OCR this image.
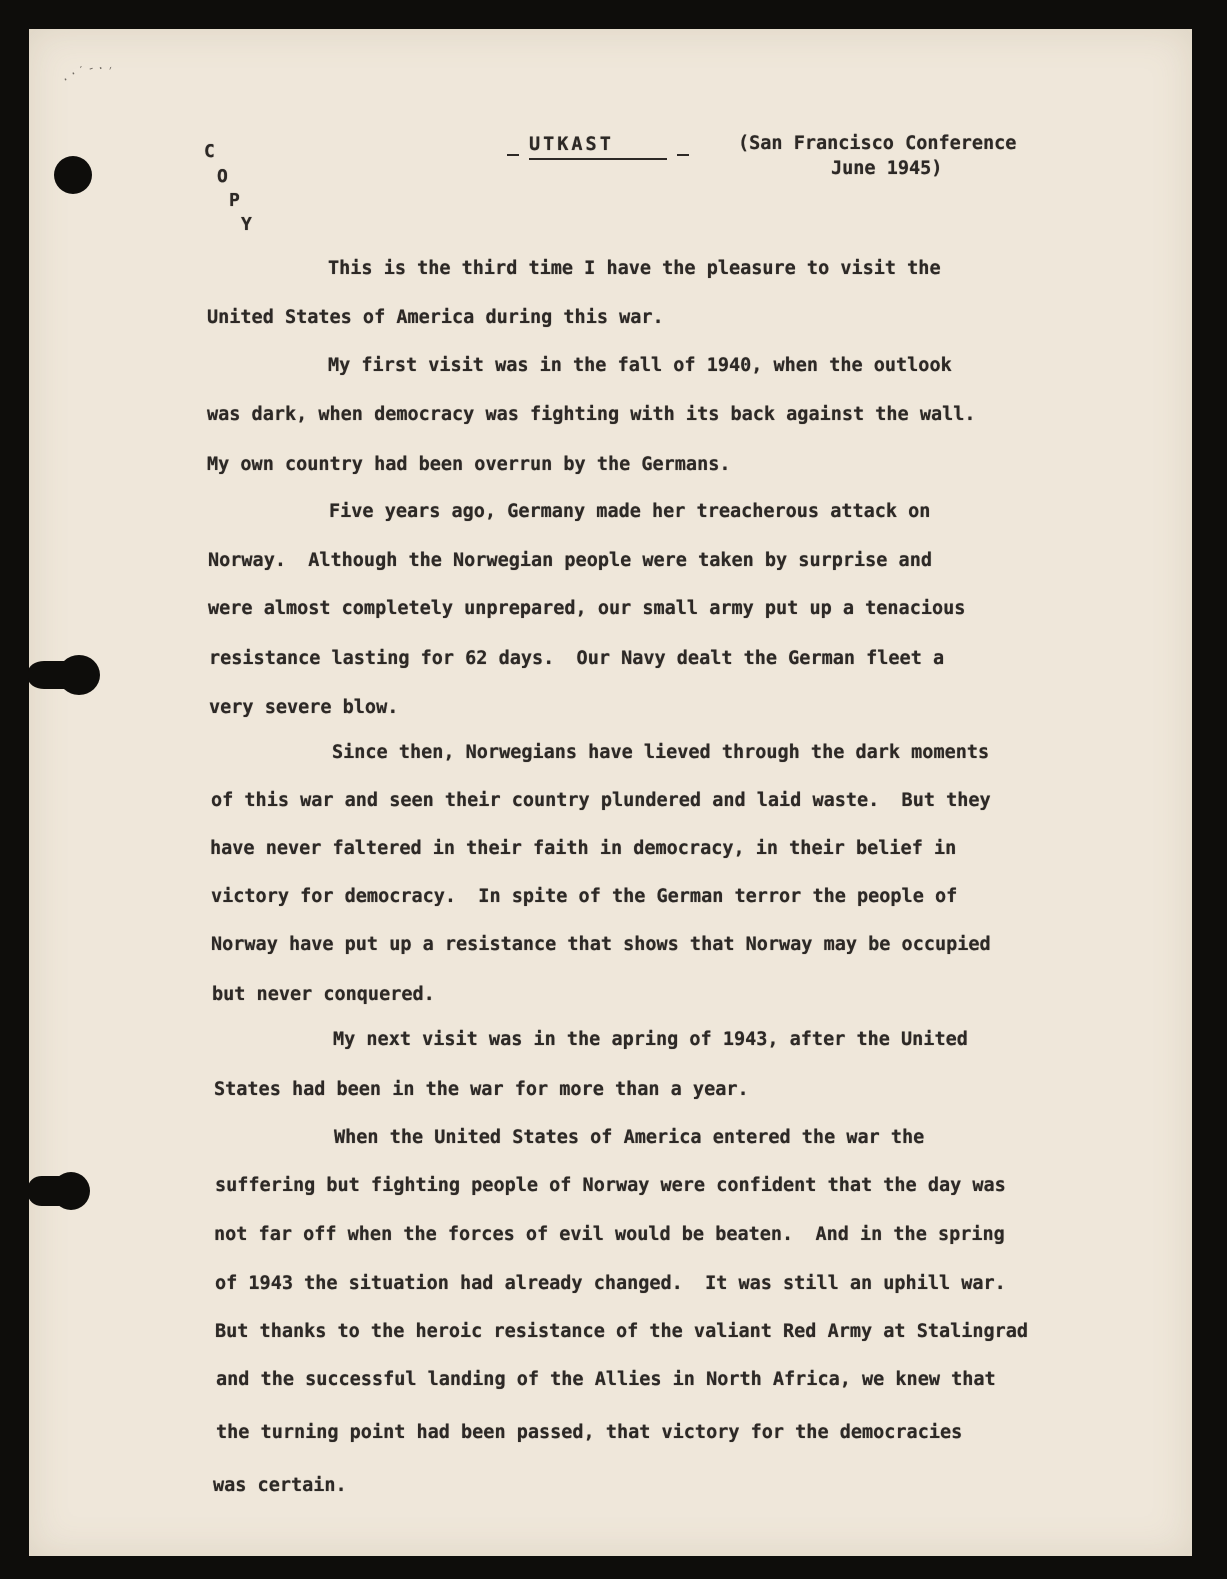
.·ˊ-.ˏ

C

O

P

Y

UTKAST	(San Francisco Conference

June 1945)

This is the third time I have the pleasure to visit the

United States of America during this war.

My first visit was in the fall of 1940, when the outlook

was dark, when democracy was fighting with its back against the wall.

My own country had been overrun by the Germans.

Five years ago, Germany made her treacherous attack on

Norway.  Although the Norwegian people were taken by surprise and

were almost completely unprepared, our small army put up a tenacious

resistance lasting for 62 days.  Our Navy dealt the German fleet a

very severe blow.

Since then, Norwegians have lieved through the dark moments

of this war and seen their country plundered and laid waste.  But they

have never faltered in their faith in democracy, in their belief in

victory for democracy.  In spite of the German terror the people of

Norway have put up a resistance that shows that Norway may be occupied

but never conquered.

My next visit was in the apring of 1943, after the United

States had been in the war for more than a year.

When the United States of America entered the war the

suffering but fighting people of Norway were confident that the day was

not far off when the forces of evil would be beaten.  And in the spring

of 1943 the situation had already changed.  It was still an uphill war.

But thanks to the heroic resistance of the valiant Red Army at Stalingrad

and the successful landing of the Allies in North Africa, we knew that

the turning point had been passed, that victory for the democracies

was certain.
